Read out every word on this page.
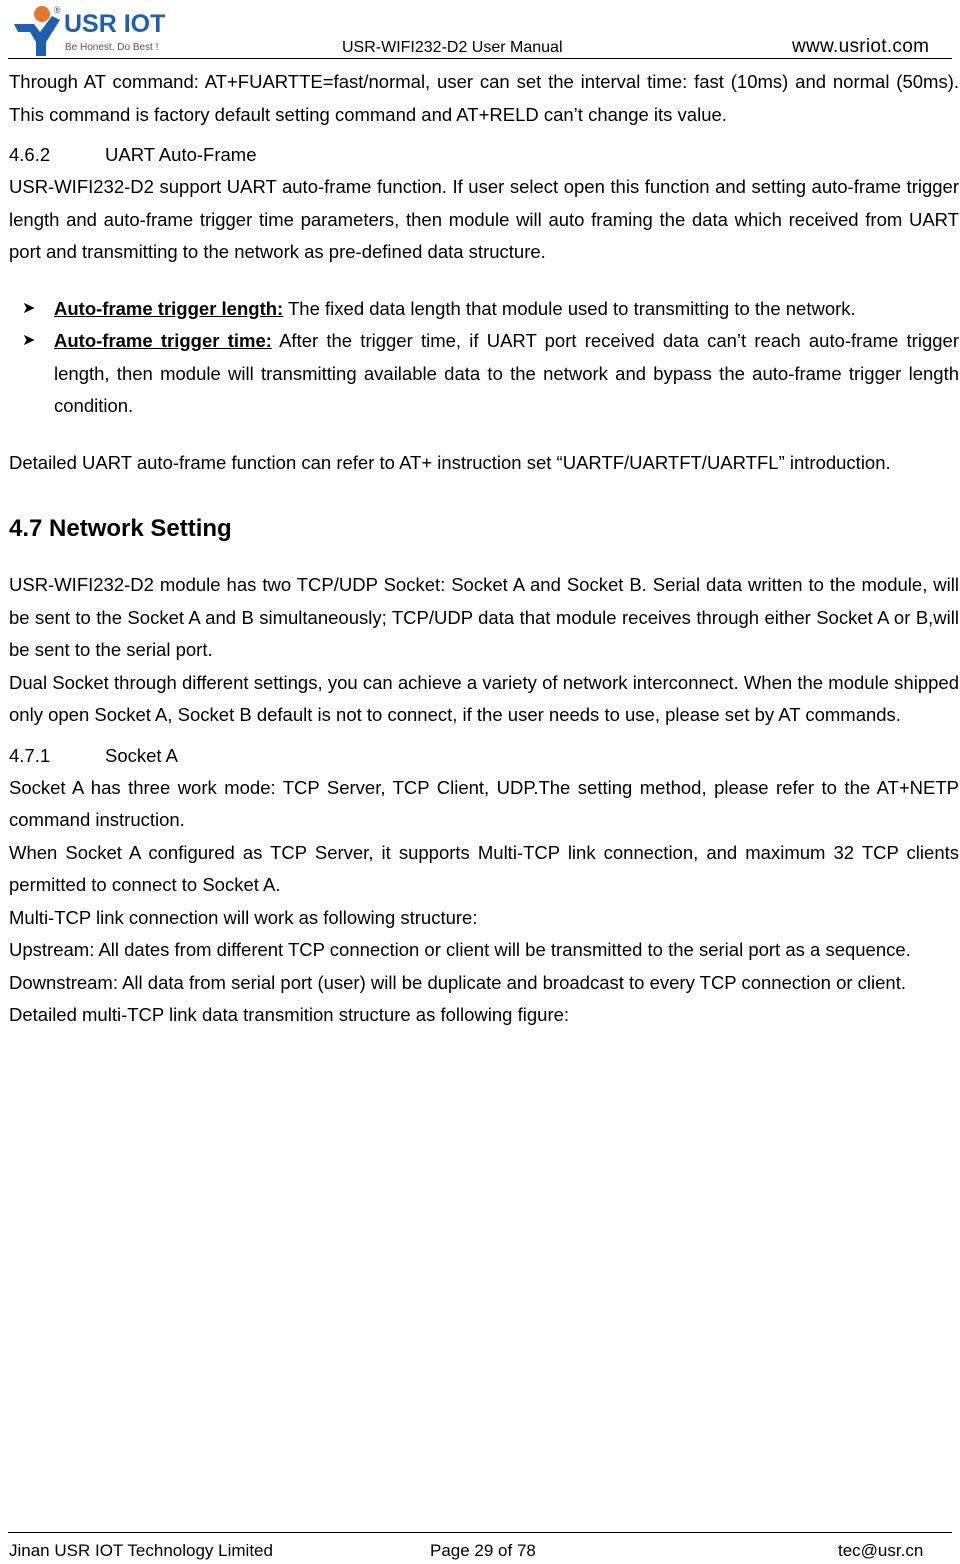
® USR IOT
Be Honest, Do Best !	USR-WIFI232-D2 User Manual	www.usriot.com

Through AT command: AT+FUARTTE=fast/normal, user can set the interval time: fast (10ms) and normal (50ms). This command is factory default setting command and AT+RELD can’t change its value.

4.6.2	UART Auto-Frame

USR-WIFI232-D2 support UART auto-frame function. If user select open this function and setting auto-frame trigger length and auto-frame trigger time parameters, then module will auto framing the data which received from UART port and transmitting to the network as pre-defined data structure.

➤ Auto-frame trigger length: The fixed data length that module used to transmitting to the network.
➤ Auto-frame trigger time: After the trigger time, if UART port received data can’t reach auto-frame trigger length, then module will transmitting available data to the network and bypass the auto-frame trigger length condition.

Detailed UART auto-frame function can refer to AT+ instruction set “UARTF/UARTFT/UARTFL” introduction.

4.7 Network Setting

USR-WIFI232-D2 module has two TCP/UDP Socket: Socket A and Socket B. Serial data written to the module, will be sent to the Socket A and B simultaneously; TCP/UDP data that module receives through either Socket A or B,will be sent to the serial port.

Dual Socket through different settings, you can achieve a variety of network interconnect. When the module shipped only open Socket A, Socket B default is not to connect, if the user needs to use, please set by AT commands.

4.7.1	Socket A

Socket A has three work mode: TCP Server, TCP Client, UDP.The setting method, please refer to the AT+NETP command instruction.

When Socket A configured as TCP Server, it supports Multi-TCP link connection, and maximum 32 TCP clients permitted to connect to Socket A.

Multi-TCP link connection will work as following structure:

Upstream: All dates from different TCP connection or client will be transmitted to the serial port as a sequence.

Downstream: All data from serial port (user) will be duplicate and broadcast to every TCP connection or client.

Detailed multi-TCP link data transmition structure as following figure:

Jinan USR IOT Technology Limited	Page 29 of 78	tec@usr.cn
